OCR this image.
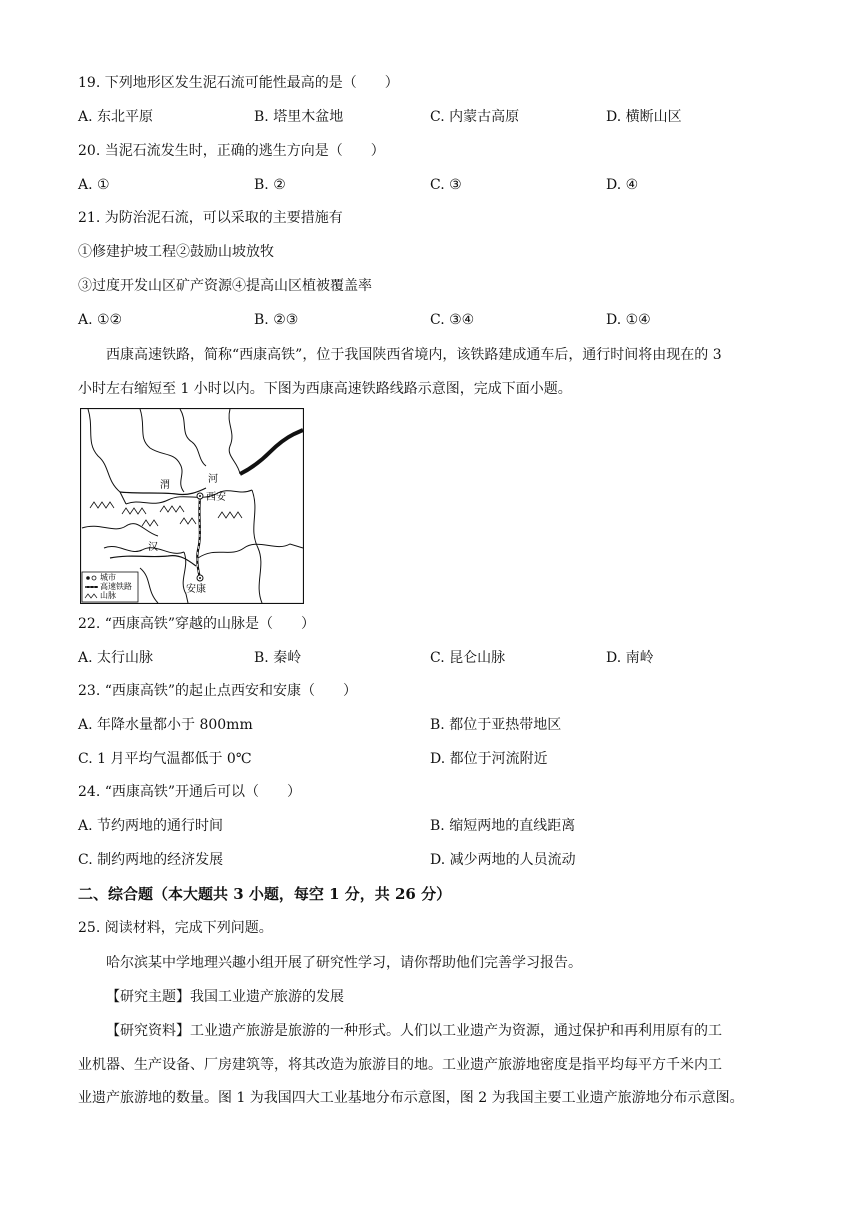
19. 下列地形区发生泥石流可能性最高的是（　　）
A. 东北平原	B. 塔里木盆地	C. 内蒙古高原	D. 横断山区
20. 当泥石流发生时，正确的逃生方向是（　　）
A. ①	B. ②	C. ③	D. ④
21. 为防治泥石流，可以采取的主要措施有
①修建护坡工程②鼓励山坡放牧
③过度开发山区矿产资源④提高山区植被覆盖率
A. ①②	B. ②③	C. ③④	D. ①④
西康高速铁路，简称“西康高铁”，位于我国陕西省境内，该铁路建成通车后，通行时间将由现在的 3
小时左右缩短至 1 小时以内。下图为西康高速铁路线路示意图，完成下面小题。
渭
河
西安
汉
安康
城市
高速铁路
山脉
22. “西康高铁”穿越的山脉是（　　）
A. 太行山脉	B. 秦岭	C. 昆仑山脉	D. 南岭
23. “西康高铁”的起止点西安和安康（　　）
A. 年降水量都小于 800mm	B. 都位于亚热带地区
C. 1 月平均气温都低于 0℃	D. 都位于河流附近
24. “西康高铁”开通后可以（　　）
A. 节约两地的通行时间	B. 缩短两地的直线距离
C. 制约两地的经济发展	D. 减少两地的人员流动
二、综合题（本大题共 3 小题，每空 1 分，共 26 分）
25. 阅读材料，完成下列问题。
哈尔滨某中学地理兴趣小组开展了研究性学习，请你帮助他们完善学习报告。
【研究主题】我国工业遗产旅游的发展
【研究资料】工业遗产旅游是旅游的一种形式。人们以工业遗产为资源，通过保护和再利用原有的工
业机器、生产设备、厂房建筑等，将其改造为旅游目的地。工业遗产旅游地密度是指平均每平方千米内工
业遗产旅游地的数量。图 1 为我国四大工业基地分布示意图，图 2 为我国主要工业遗产旅游地分布示意图。
